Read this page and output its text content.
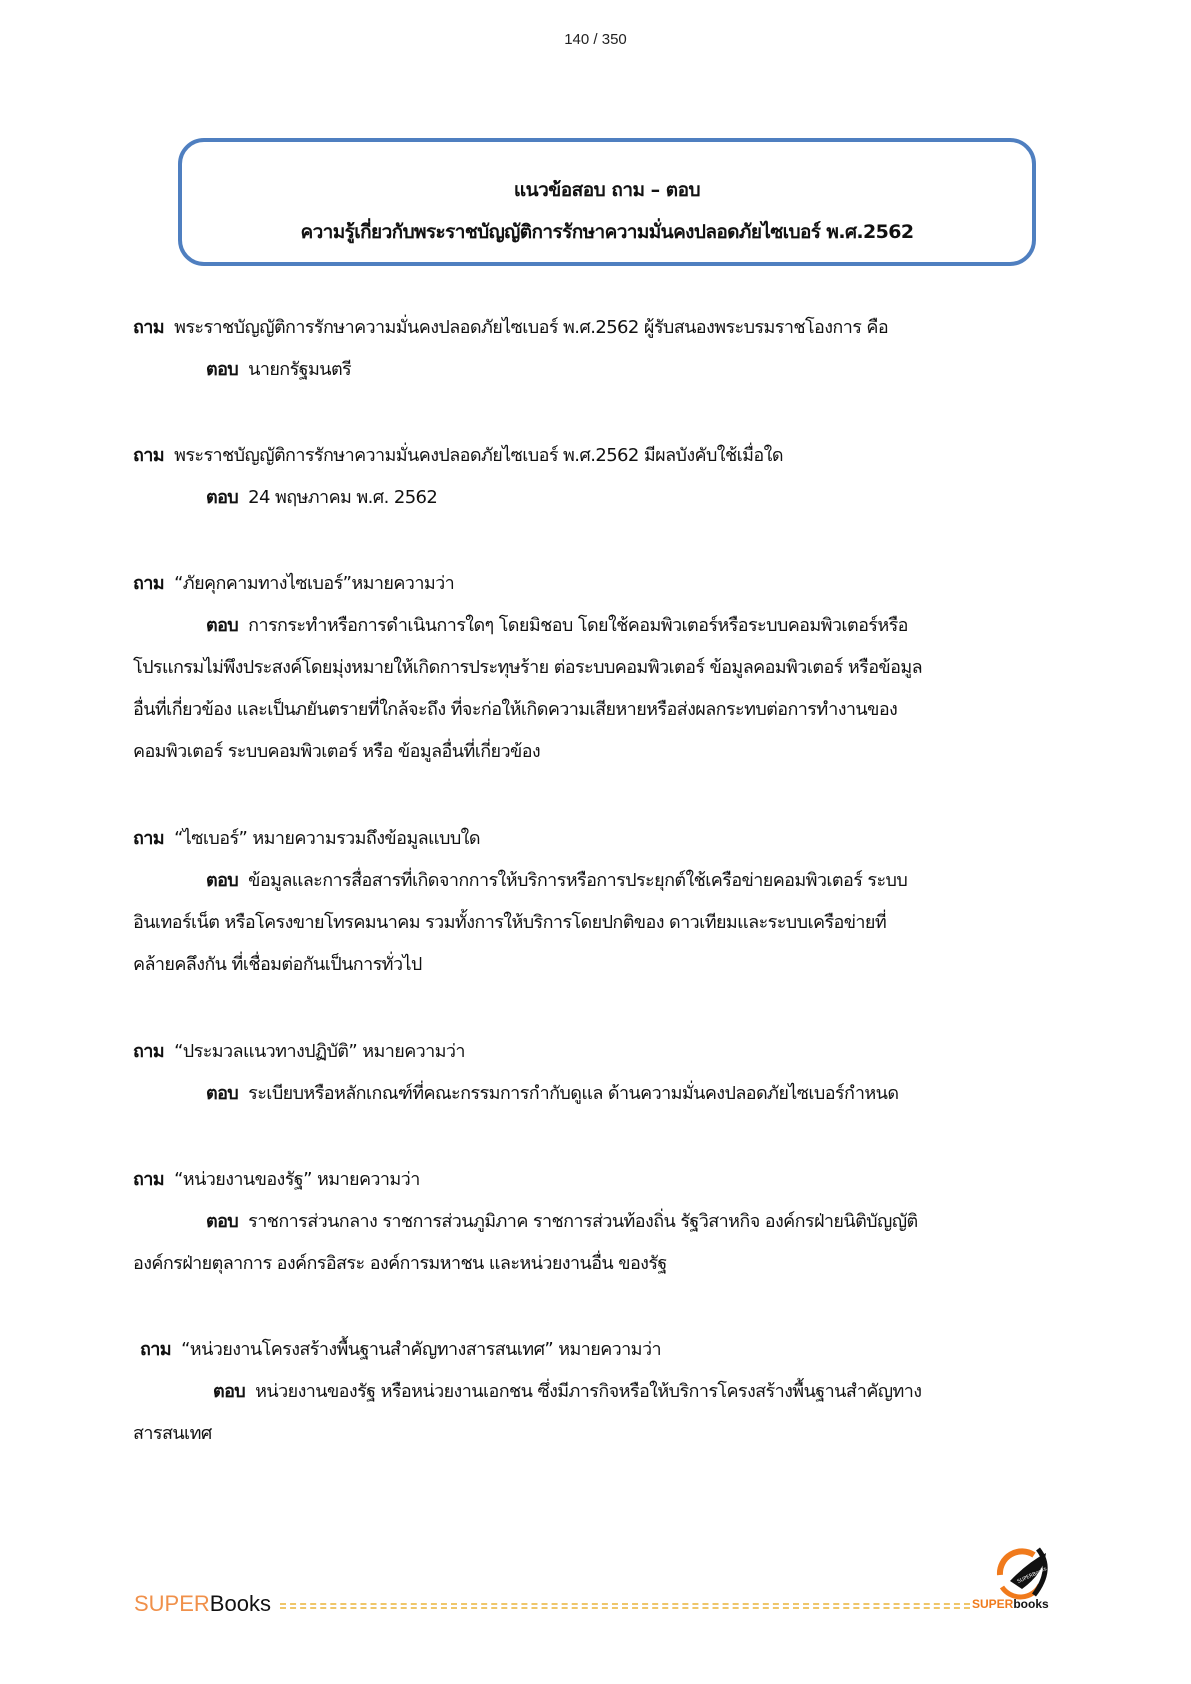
140 / 350
แนวข้อสอบ ถาม – ตอบ
ความรู้เกี่ยวกับพระราชบัญญัติการรักษาความมั่นคงปลอดภัยไซเบอร์ พ.ศ.2562
ถาม พระราชบัญญัติการรักษาความมั่นคงปลอดภัยไซเบอร์ พ.ศ.2562 ผู้รับสนองพระบรมราชโองการ คือ
ตอบ นายกรัฐมนตรี
ถาม พระราชบัญญัติการรักษาความมั่นคงปลอดภัยไซเบอร์ พ.ศ.2562 มีผลบังคับใช้เมื่อใด
ตอบ 24 พฤษภาคม พ.ศ. 2562
ถาม “ภัยคุกคามทางไซเบอร์”หมายความว่า
ตอบ การกระทำหรือการดำเนินการใดๆ โดยมิชอบ โดยใช้คอมพิวเตอร์หรือระบบคอมพิวเตอร์หรือ
โปรแกรมไม่พึงประสงค์โดยมุ่งหมายให้เกิดการประทุษร้าย ต่อระบบคอมพิวเตอร์ ข้อมูลคอมพิวเตอร์ หรือข้อมูล
อื่นที่เกี่ยวข้อง และเป็นภยันตรายที่ใกล้จะถึง ที่จะก่อให้เกิดความเสียหายหรือส่งผลกระทบต่อการทำงานของ
คอมพิวเตอร์ ระบบคอมพิวเตอร์ หรือ ข้อมูลอื่นที่เกี่ยวข้อง
ถาม “ไซเบอร์” หมายความรวมถึงข้อมูลแบบใด
ตอบ ข้อมูลและการสื่อสารที่เกิดจากการให้บริการหรือการประยุกต์ใช้เครือข่ายคอมพิวเตอร์ ระบบ
อินเทอร์เน็ต หรือโครงขายโทรคมนาคม รวมทั้งการให้บริการโดยปกติของ ดาวเทียมและระบบเครือข่ายที่
คล้ายคลึงกัน ที่เชื่อมต่อกันเป็นการทั่วไป
ถาม “ประมวลแนวทางปฏิบัติ” หมายความว่า
ตอบ ระเบียบหรือหลักเกณฑ์ที่คณะกรรมการกำกับดูแล ด้านความมั่นคงปลอดภัยไซเบอร์กำหนด
ถาม “หน่วยงานของรัฐ” หมายความว่า
ตอบ ราชการส่วนกลาง ราชการส่วนภูมิภาค ราชการส่วนท้องถิ่น รัฐวิสาหกิจ องค์กรฝ่ายนิติบัญญัติ
องค์กรฝ่ายตุลาการ องค์กรอิสระ องค์การมหาชน และหน่วยงานอื่น ของรัฐ
ถาม “หน่วยงานโครงสร้างพื้นฐานสำคัญทางสารสนเทศ” หมายความว่า
ตอบ หน่วยงานของรัฐ หรือหน่วยงานเอกชน ซึ่งมีภารกิจหรือให้บริการโครงสร้างพื้นฐานสำคัญทาง
สารสนเทศ
SUPERBooks
SUPERBooks
SUPERbooks
